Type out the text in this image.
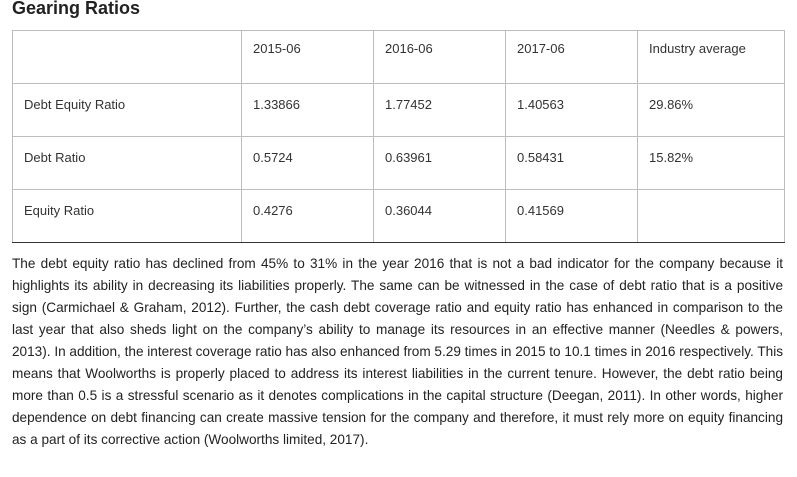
Gearing Ratios

	2015-06	2016-06	2017-06	Industry average

Debt Equity Ratio	1.33866	1.77452	1.40563	29.86%

Debt Ratio	0.5724	0.63961	0.58431	15.82%

Equity Ratio	0.4276	0.36044	0.41569	

The debt equity ratio has declined from 45% to 31% in the year 2016 that is not a bad indicator for the company because it highlights its ability in decreasing its liabilities properly. The same can be witnessed in the case of debt ratio that is a positive sign (Carmichael & Graham, 2012). Further, the cash debt coverage ratio and equity ratio has enhanced in comparison to the last year that also sheds light on the company’s ability to manage its resources in an effective manner (Needles & powers, 2013). In addition, the interest coverage ratio has also enhanced from 5.29 times in 2015 to 10.1 times in 2016 respectively. This means that Woolworths is properly placed to address its interest liabilities in the current tenure. However, the debt ratio being more than 0.5 is a stressful scenario as it denotes complications in the capital structure (Deegan, 2011). In other words, higher dependence on debt financing can create massive tension for the company and therefore, it must rely more on equity financing as a part of its corrective action (Woolworths limited, 2017).
